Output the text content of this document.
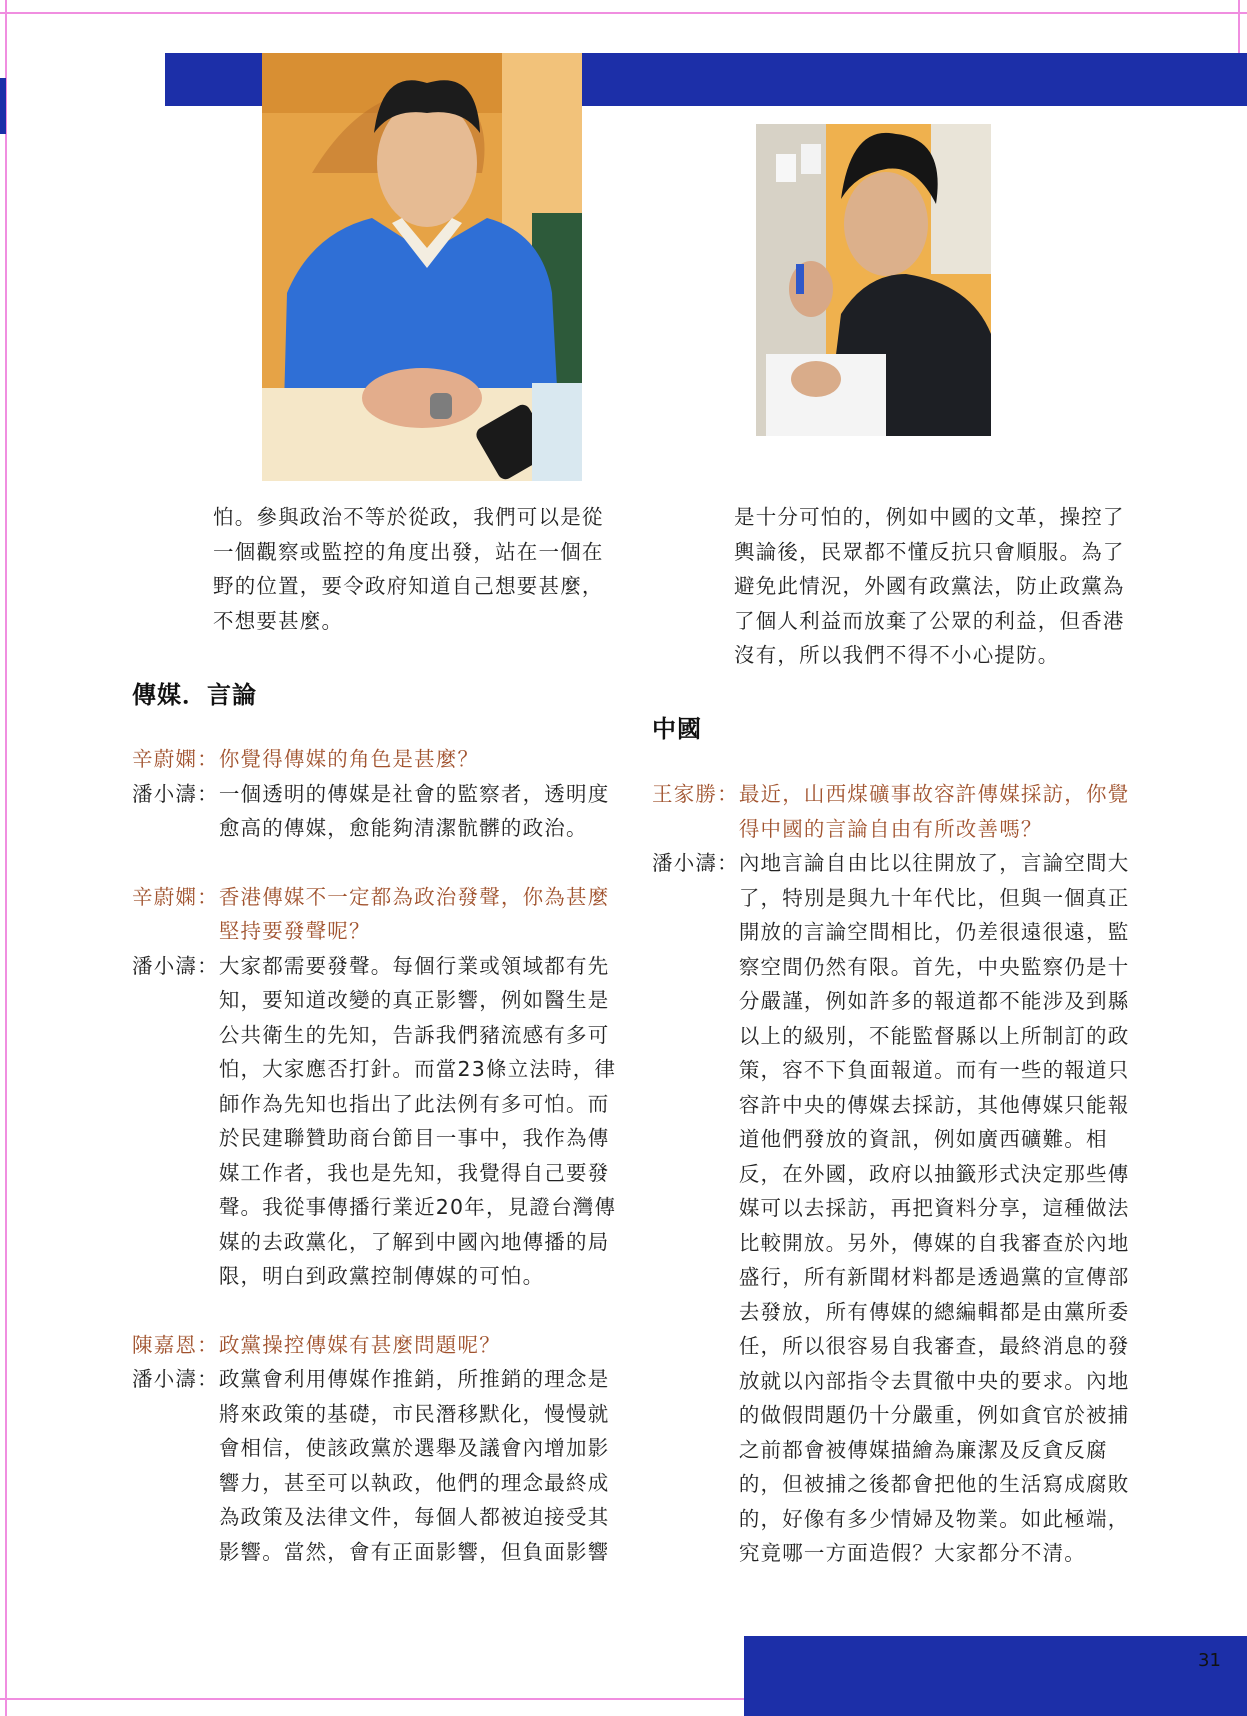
怕。參與政治不等於從政，我們可以是從
一個觀察或監控的角度出發，站在一個在
野的位置，要令政府知道自己想要甚麼，
不想要甚麼。
傳媒．言論
辛蔚嫻： 你覺得傳媒的角色是甚麼？
潘小濤： 一個透明的傳媒是社會的監察者，透明度
愈高的傳媒，愈能夠清潔骯髒的政治。
辛蔚嫻： 香港傳媒不一定都為政治發聲，你為甚麼
堅持要發聲呢？
潘小濤： 大家都需要發聲。每個行業或領域都有先
知，要知道改變的真正影響，例如醫生是
公共衛生的先知，告訴我們豬流感有多可
怕，大家應否打針。而當23條立法時，律
師作為先知也指出了此法例有多可怕。而
於民建聯贊助商台節目一事中，我作為傳
媒工作者，我也是先知，我覺得自己要發
聲。我從事傳播行業近20年，見證台灣傳
媒的去政黨化，了解到中國內地傳播的局
限，明白到政黨控制傳媒的可怕。
陳嘉恩： 政黨操控傳媒有甚麼問題呢？
潘小濤： 政黨會利用傳媒作推銷，所推銷的理念是
將來政策的基礎，市民潛移默化，慢慢就
會相信，使該政黨於選舉及議會內增加影
響力，甚至可以執政，他們的理念最終成
為政策及法律文件，每個人都被迫接受其
影響。當然，會有正面影響，但負面影響
是十分可怕的，例如中國的文革，操控了
輿論後，民眾都不懂反抗只會順服。為了
避免此情況，外國有政黨法，防止政黨為
了個人利益而放棄了公眾的利益，但香港
沒有，所以我們不得不小心提防。
中國
王家勝： 最近，山西煤礦事故容許傳媒採訪，你覺
得中國的言論自由有所改善嗎？
潘小濤： 內地言論自由比以往開放了，言論空間大
了，特別是與九十年代比，但與一個真正
開放的言論空間相比，仍差很遠很遠，監
察空間仍然有限。首先，中央監察仍是十
分嚴謹，例如許多的報道都不能涉及到縣
以上的級別，不能監督縣以上所制訂的政
策，容不下負面報道。而有一些的報道只
容許中央的傳媒去採訪，其他傳媒只能報
道他們發放的資訊，例如廣西礦難。相
反，在外國，政府以抽籤形式決定那些傳
媒可以去採訪，再把資料分享，這種做法
比較開放。另外，傳媒的自我審查於內地
盛行，所有新聞材料都是透過黨的宣傳部
去發放，所有傳媒的總編輯都是由黨所委
任，所以很容易自我審查，最終消息的發
放就以內部指令去貫徹中央的要求。內地
的做假問題仍十分嚴重，例如貪官於被捕
之前都會被傳媒描繪為廉潔及反貪反腐
的，但被捕之後都會把他的生活寫成腐敗
的，好像有多少情婦及物業。如此極端，
究竟哪一方面造假？大家都分不清。
31
